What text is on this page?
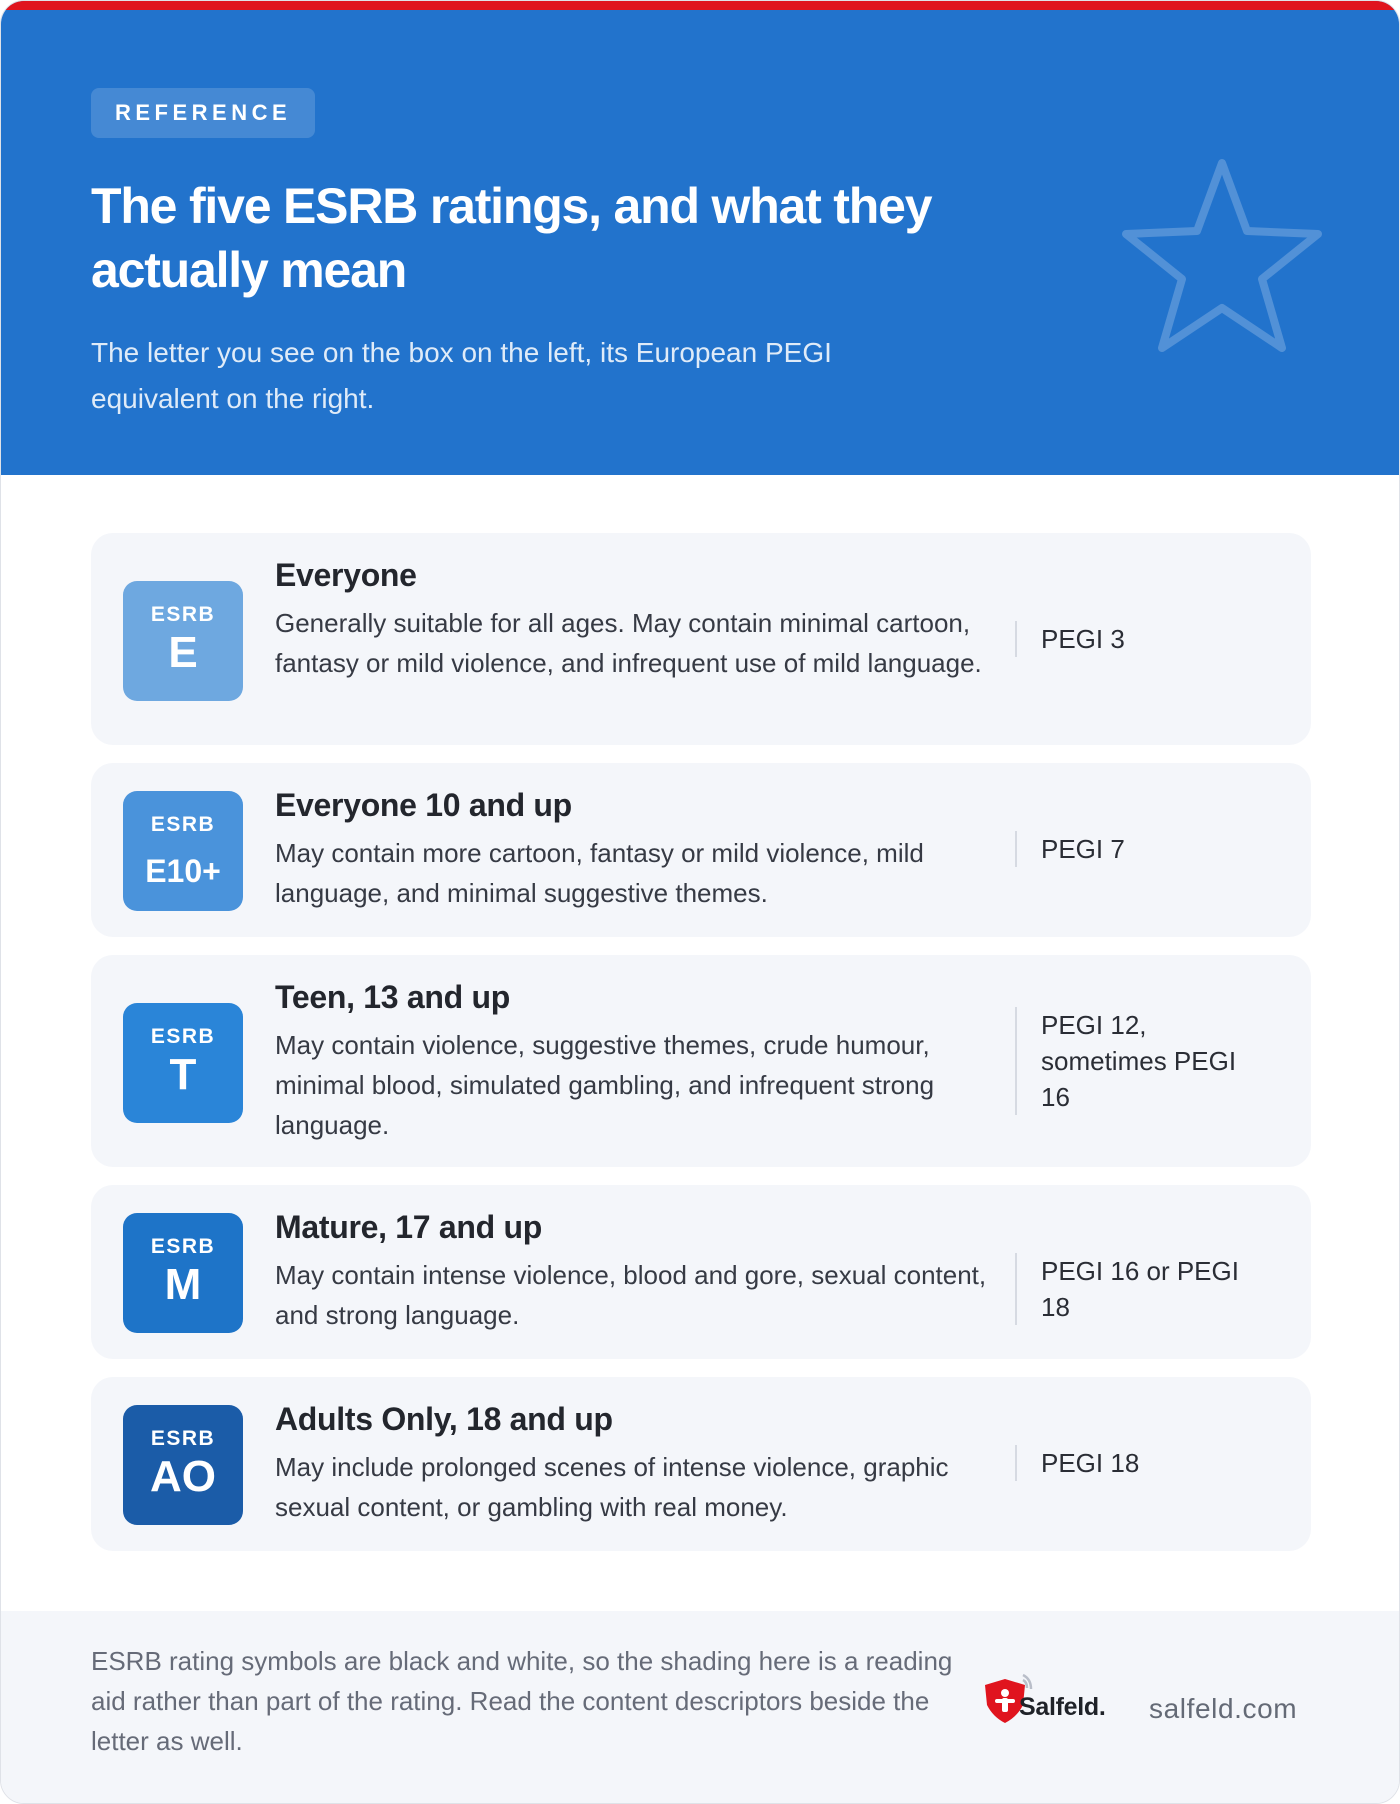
REFERENCE
The five ESRB ratings, and what they actually mean

The letter you see on the box on the left, its European PEGI equivalent on the right.

ESRB
E
Everyone

Generally suitable for all ages. May contain minimal cartoon, fantasy or mild violence, and infrequent use of mild language.

PEGI 3
ESRB
E10+
Everyone 10 and up

May contain more cartoon, fantasy or mild violence, mild language, and minimal suggestive themes.

PEGI 7
ESRB
T
Teen, 13 and up

May contain violence, suggestive themes, crude humour, minimal blood, simulated gambling, and infrequent strong language.

PEGI 12, sometimes PEGI 16
ESRB
M
Mature, 17 and up

May contain intense violence, blood and gore, sexual content, and strong language.

PEGI 16 or PEGI 18
ESRB
AO
Adults Only, 18 and up

May include prolonged scenes of intense violence, graphic sexual content, or gambling with real money.

PEGI 18

ESRB rating symbols are black and white, so the shading here is a reading aid rather than part of the rating. Read the content descriptors beside the letter as well.

Salfeld. salfeld.com
